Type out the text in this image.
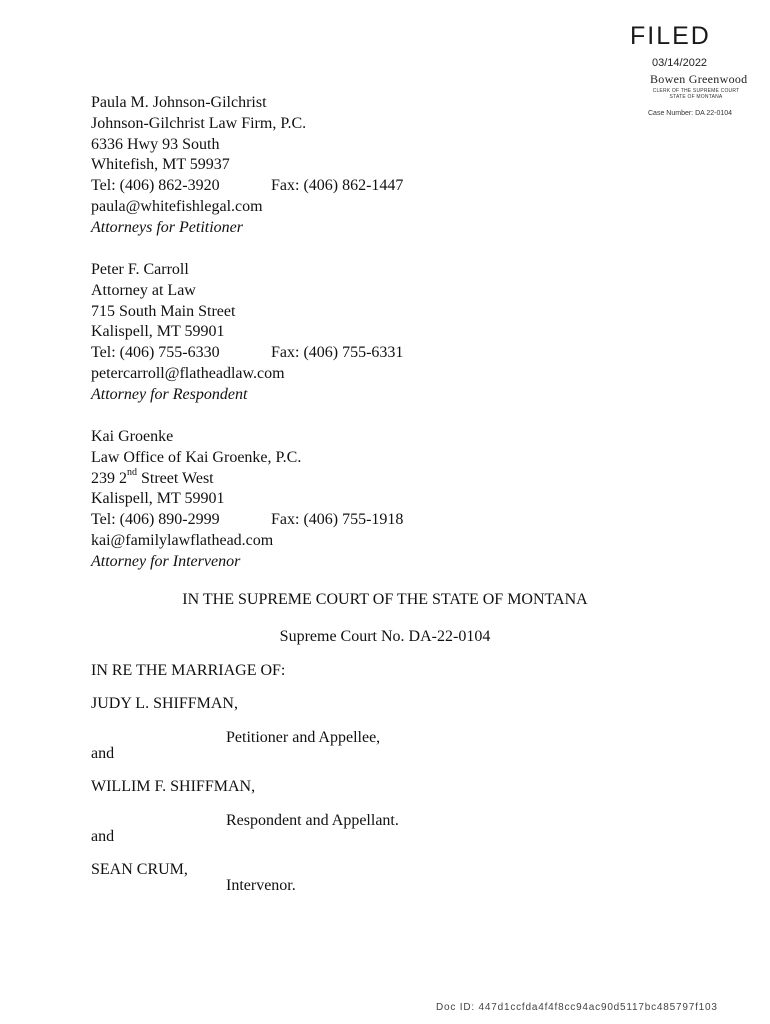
FILED
03/14/2022
Bowen Greenwood
CLERK OF THE SUPREME COURT
STATE OF MONTANA
Case Number: DA 22-0104
Paula M. Johnson-Gilchrist
Johnson-Gilchrist Law Firm, P.C.
6336 Hwy 93 South
Whitefish, MT 59937
Tel: (406) 862-3920	Fax: (406) 862-1447
paula@whitefishlegal.com
Attorneys for Petitioner
Peter F. Carroll
Attorney at Law
715 South Main Street
Kalispell, MT 59901
Tel: (406) 755-6330	Fax: (406) 755-6331
petercarroll@flatheadlaw.com
Attorney for Respondent
Kai Groenke
Law Office of Kai Groenke, P.C.
239 2nd Street West
Kalispell, MT 59901
Tel: (406) 890-2999	Fax: (406) 755-1918
kai@familylawflathead.com
Attorney for Intervenor
IN THE SUPREME COURT OF THE STATE OF MONTANA
Supreme Court No. DA-22-0104
IN RE THE MARRIAGE OF:
JUDY L. SHIFFMAN,
Petitioner and Appellee,
and
WILLIM F. SHIFFMAN,
Respondent and Appellant.
and
SEAN CRUM,
Intervenor.
Doc ID: 447d1ccfda4f4f8cc94ac90d5117bc485797f103
